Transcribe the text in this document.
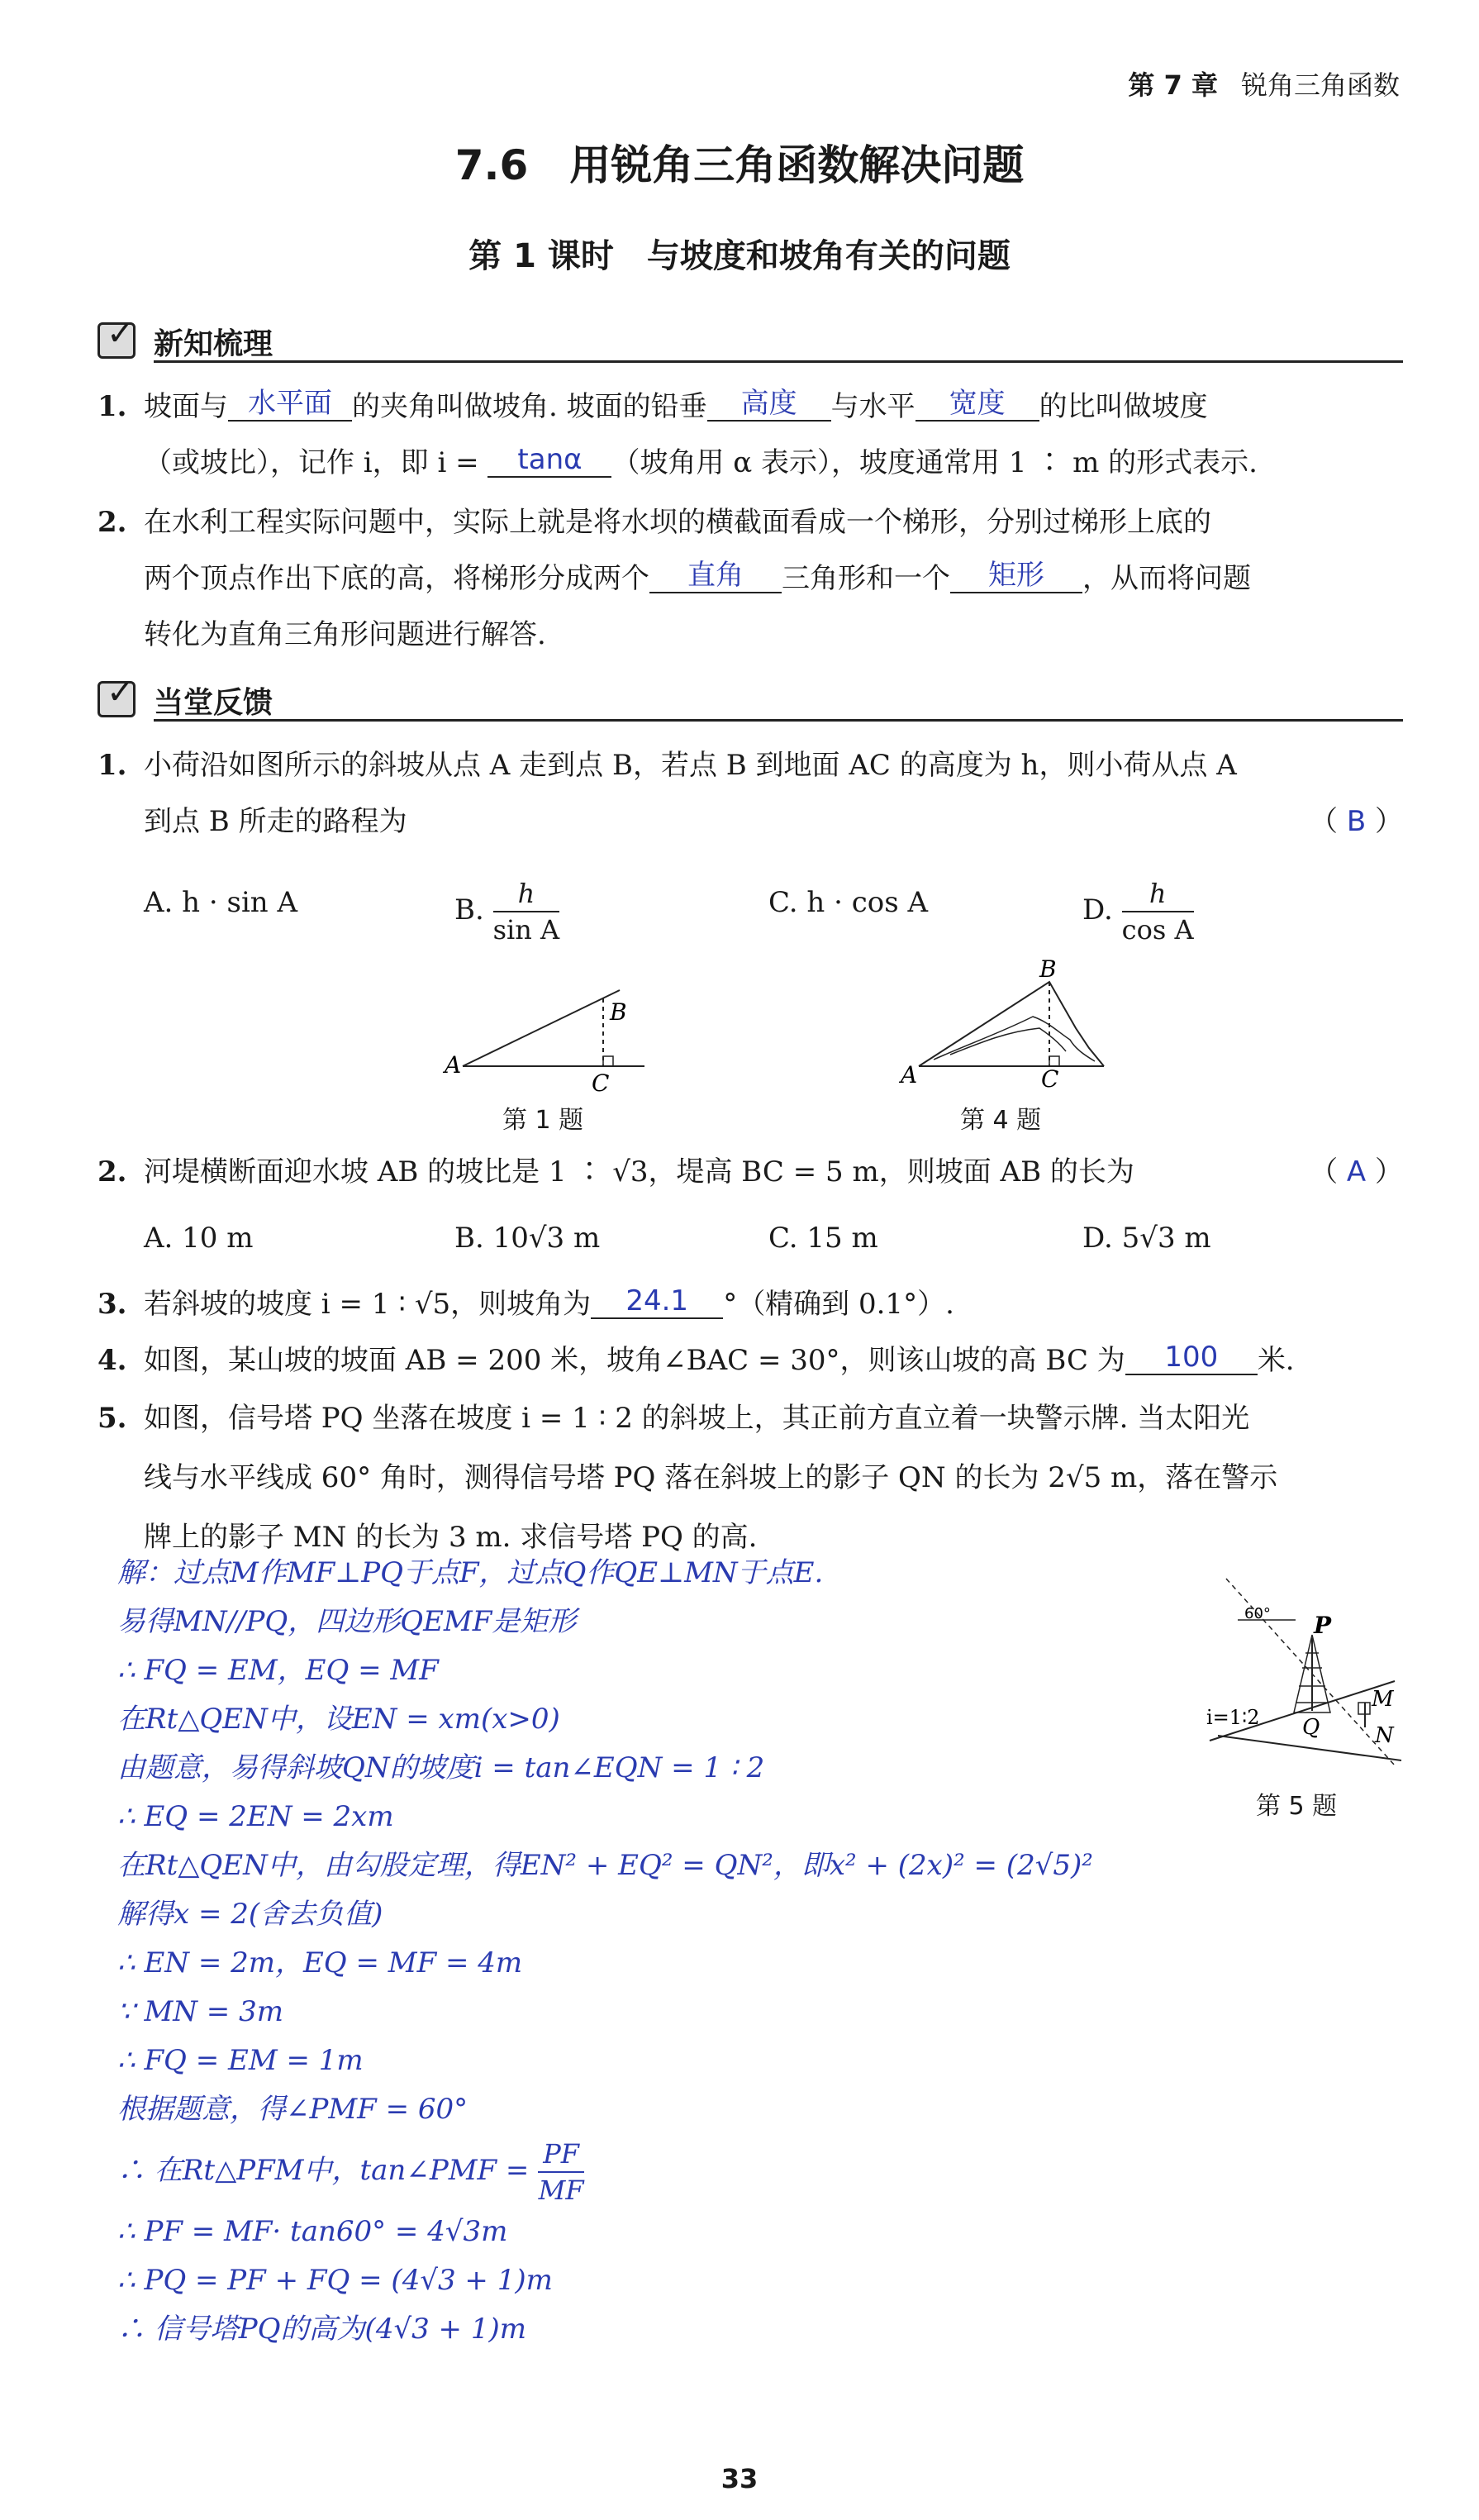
第 7 章 锐角三角函数
7.6　用锐角三角函数解决问题
第 1 课时　与坡度和坡角有关的问题
✓
新知梳理
1. 坡面与 水平面 的夹角叫做坡角. 坡面的铅垂 高度 与水平 宽度 的比叫做坡度
（或坡比），记作 i，即 i = tanα （坡角用 α 表示），坡度通常用 1 ∶ m 的形式表示.
2. 在水利工程实际问题中，实际上就是将水坝的横截面看成一个梯形，分别过梯形上底的
两个顶点作出下底的高，将梯形分成两个 直角 三角形和一个 矩形 ，从而将问题
转化为直角三角形问题进行解答.
✓
当堂反馈
1. 小荷沿如图所示的斜坡从点 A 走到点 B，若点 B 到地面 AC 的高度为 h，则小荷从点 A
到点 B 所走的路程为	（ B ）
A. h · sin A	B. $\frac{h}{\text{sin A}}$	C. h · cos A	D. $\frac{h}{\text{cos A}}$
A
B
C
第 1 题
A
B
C
第 4 题
2. 河堤横断面迎水坡 AB 的坡比是 1 ∶ √3，堤高 BC = 5 m，则坡面 AB 的长为	（ A ）
A. 10 m	B. 10√3 m	C. 15 m	D. 5√3 m
3. 若斜坡的坡度 i = 1 ∶ √5，则坡角为 24.1 °（精确到 0.1°）.
4. 如图，某山坡的坡面 AB = 200 米，坡角∠BAC = 30°，则该山坡的高 BC 为 100 米.
5. 如图，信号塔 PQ 坐落在坡度 i = 1 ∶ 2 的斜坡上，其正前方直立着一块警示牌. 当太阳光
线与水平线成 60° 角时，测得信号塔 PQ 落在斜坡上的影子 QN 的长为 2√5 m，落在警示
牌上的影子 MN 的长为 3 m. 求信号塔 PQ 的高.
60° P
Q
M
N
i=1∶2
第 5 题
解：过点M作MF⊥PQ于点F，过点Q作QE⊥MN于点E.
易得MN//PQ，四边形QEMF是矩形
∴ FQ = EM，EQ = MF
在Rt△QEN中，设EN = xm(x>0)
由题意，易得斜坡QN的坡度i = tan∠EQN = 1 ∶ 2
∴ EQ = 2EN = 2xm
在Rt△QEN中，由勾股定理，得EN² + EQ² = QN²，即x² + (2x)² = (2√5)²
解得x = 2(舍去负值)
∴ EN = 2m，EQ = MF = 4m
∵ MN = 3m
∴ FQ = EM = 1m
根据题意，得∠PMF = 60°
∴ 在Rt△PFM中，tan∠PMF = $\frac{PF}{MF}$
∴ PF = MF· tan60° = 4√3m
∴ PQ = PF + FQ = (4√3 + 1)m
∴ 信号塔PQ的高为(4√3 + 1)m
33
